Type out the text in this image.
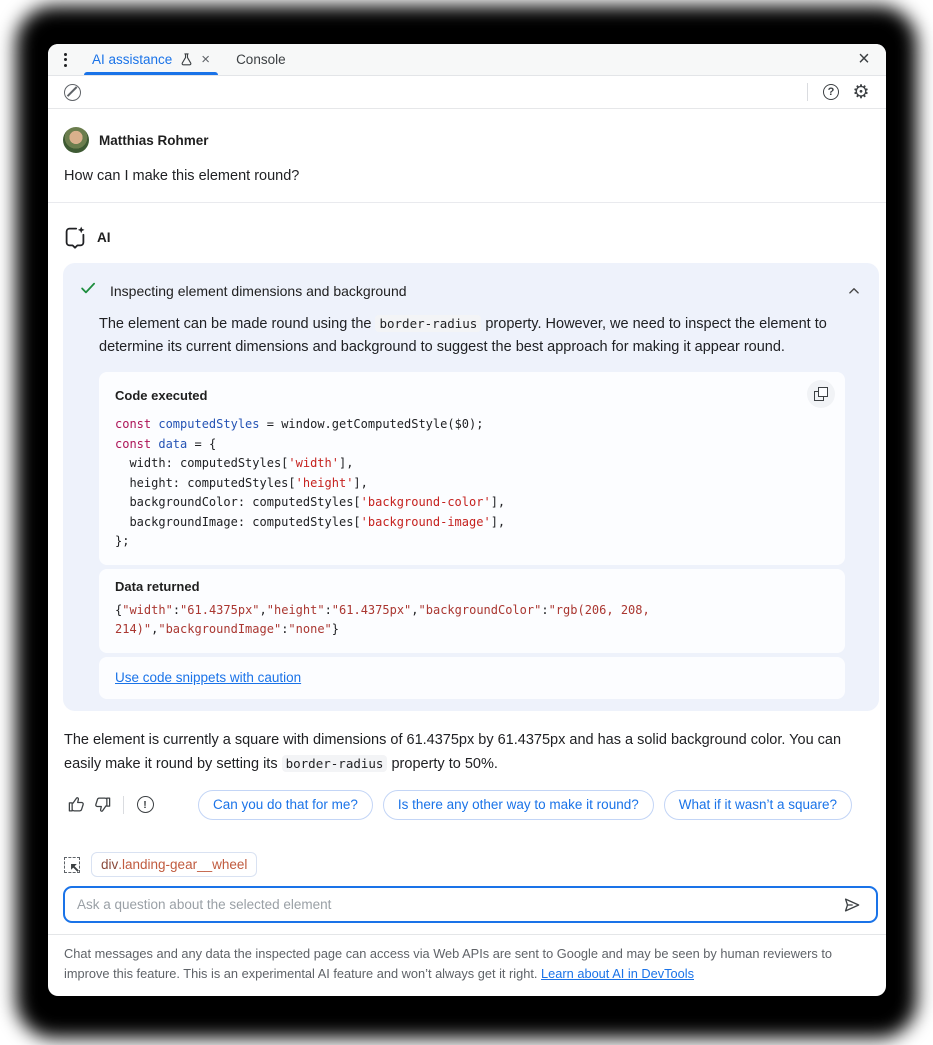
AI assistance × Console	×
? ⚙
Matthias Rohmer

How can I make this element round?

AI
Inspecting element dimensions and background

The element can be made round using the border-radius property. However, we need to inspect the element to determine its current dimensions and background to suggest the best approach for making it appear round.

Code executed
const computedStyles = window.getComputedStyle($0);
const data = {
width: computedStyles['width'],
height: computedStyles['height'],
backgroundColor: computedStyles['background-color'],
backgroundImage: computedStyles['background-image'],
};
Data returned
{"width":"61.4375px","height":"61.4375px","backgroundColor":"rgb(206, 208, 214)","backgroundImage":"none"}
Use code snippets with caution

The element is currently a square with dimensions of 61.4375px by 61.4375px and has a solid background color. You can easily make it round by setting its border-radius property to 50%.

!	Can you do that for me?	Is there any other way to make it round?	What if it wasn’t a square?
div .landing-gear__wheel
Ask a question about the selected element
Chat messages and any data the inspected page can access via Web APIs are sent to Google and may be seen by human reviewers to improve this feature. This is an experimental AI feature and won’t always get it right. Learn about AI in DevTools
